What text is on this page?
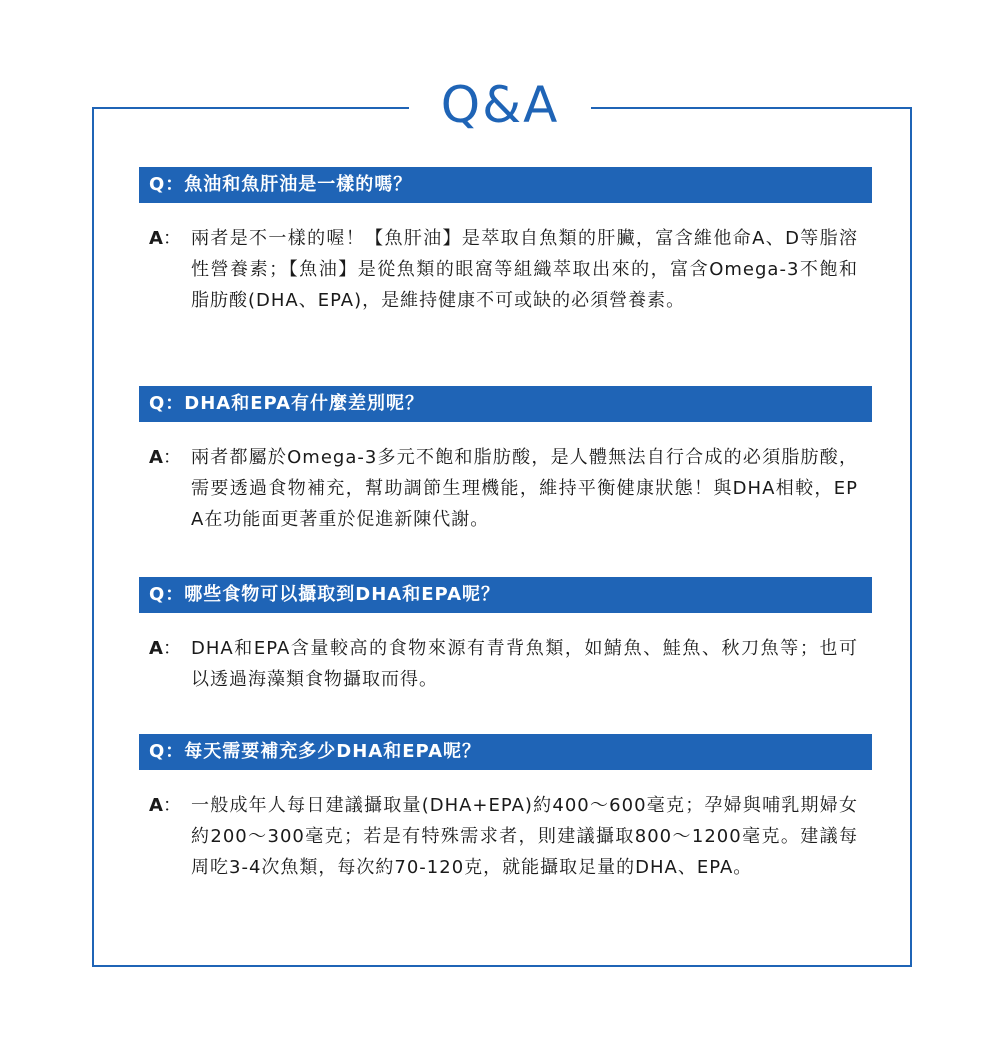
Q&A
Q：魚油和魚肝油是一樣的嗎？
A： 兩者是不一樣的喔！【魚肝油】是萃取自魚類的肝臟，富含維他命A、D等脂溶性營養素；【魚油】是從魚類的眼窩等組織萃取出來的，富含Omega-3不飽和脂肪酸(DHA、EPA)，是維持健康不可或缺的必須營養素。
Q：DHA和EPA有什麼差別呢？
A： 兩者都屬於Omega-3多元不飽和脂肪酸，是人體無法自行合成的必須脂肪酸，需要透過食物補充，幫助調節生理機能，維持平衡健康狀態！與DHA相較，EPA在功能面更著重於促進新陳代謝。
Q：哪些食物可以攝取到DHA和EPA呢？
A： DHA和EPA含量較高的食物來源有青背魚類，如鯖魚、鮭魚、秋刀魚等；也可以透過海藻類食物攝取而得。
Q：每天需要補充多少DHA和EPA呢？
A： 一般成年人每日建議攝取量(DHA+EPA)約400～600毫克；孕婦與哺乳期婦女約200～300毫克；若是有特殊需求者，則建議攝取800～1200毫克。建議每周吃3-4次魚類，每次約70-120克，就能攝取足量的DHA、EPA。
